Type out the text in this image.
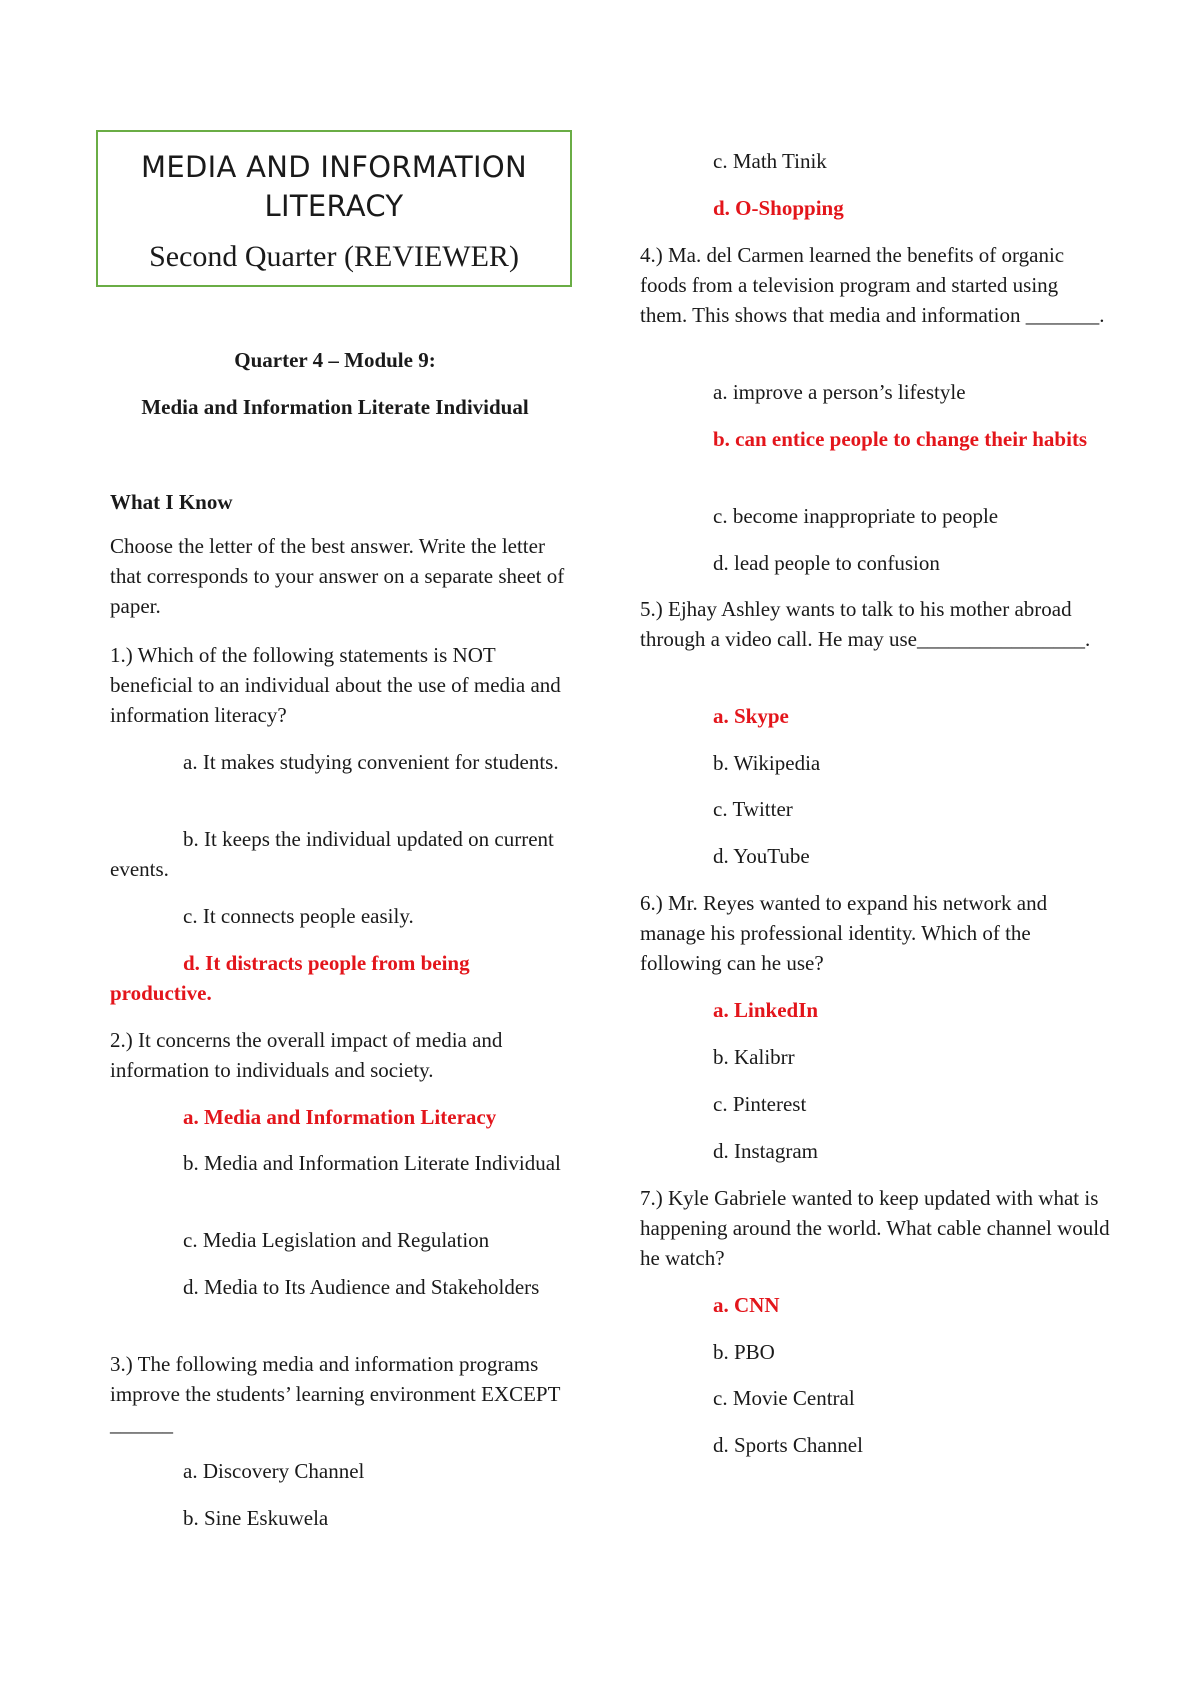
MEDIA AND INFORMATION LITERACY
Second Quarter (REVIEWER)
Quarter 4 – Module 9:
Media and Information Literate Individual
What I Know
Choose the letter of the best answer. Write the letter that corresponds to your answer on a separate sheet of paper.
1.) Which of the following statements is NOT beneficial to an individual about the use of media and information literacy?
a. It makes studying convenient for students.
b. It keeps the individual updated on current events.
c. It connects people easily.
d. It distracts people from being productive.
2.) It concerns the overall impact of media and information to individuals and society.
a. Media and Information Literacy
b. Media and Information Literate Individual
c. Media Legislation and Regulation
d. Media to Its Audience and Stakeholders
3.) The following media and information programs improve the students’ learning environment EXCEPT ______
a. Discovery Channel
b. Sine Eskuwela
c. Math Tinik
d. O-Shopping
4.) Ma. del Carmen learned the benefits of organic foods from a television program and started using them. This shows that media and information _______.
a. improve a person’s lifestyle
b. can entice people to change their habits
c. become inappropriate to people
d. lead people to confusion
5.) Ejhay Ashley wants to talk to his mother abroad through a video call. He may use________________.
a. Skype
b. Wikipedia
c. Twitter
d. YouTube
6.) Mr. Reyes wanted to expand his network and manage his professional identity. Which of the following can he use?
a. LinkedIn
b. Kalibrr
c. Pinterest
d. Instagram
7.) Kyle Gabriele wanted to keep updated with what is happening around the world. What cable channel would he watch?
a. CNN
b. PBO
c. Movie Central
d. Sports Channel
